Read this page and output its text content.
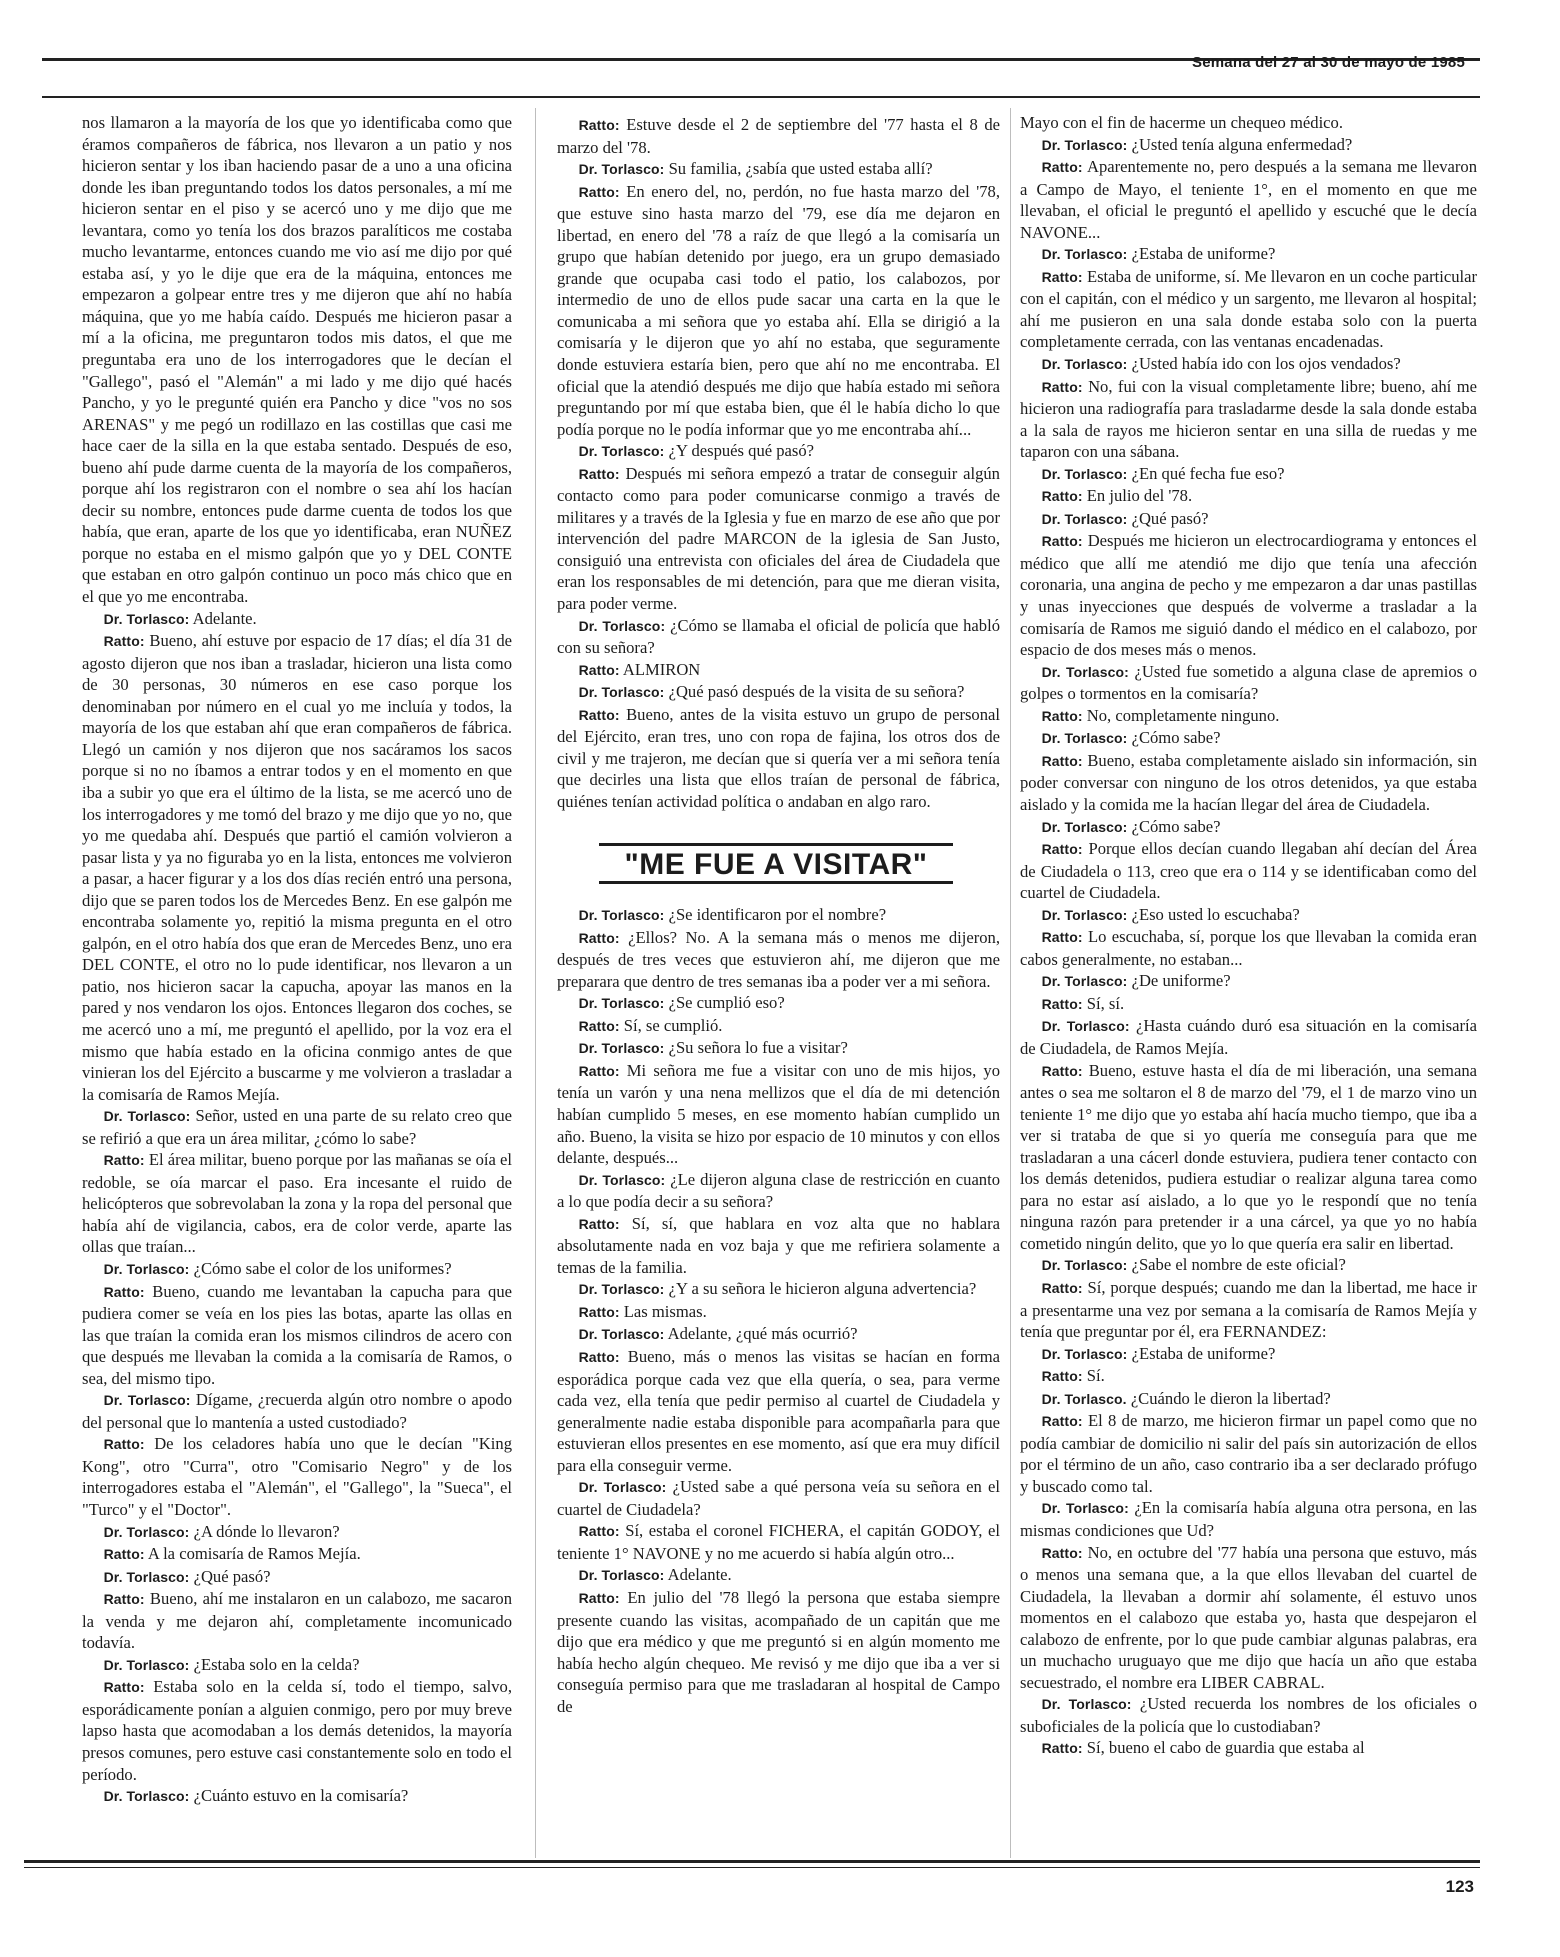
Semana del 27 al 30 de mayo de 1985

nos llamaron a la mayoría de los que yo identificaba como que éramos compañeros de fábrica, nos llevaron a un patio y nos hicieron sentar y los iban haciendo pasar de a uno a una oficina donde les iban preguntando todos los datos personales, a mí me hicieron sentar en el piso y se acercó uno y me dijo que me levantara, como yo tenía los dos brazos paralíticos me costaba mucho levantarme, entonces cuando me vio así me dijo por qué estaba así, y yo le dije que era de la máquina, entonces me empezaron a golpear entre tres y me dijeron que ahí no había máquina, que yo me había caído. Después me hicieron pasar a mí a la oficina, me preguntaron todos mis datos, el que me preguntaba era uno de los interrogadores que le decían el "Gallego", pasó el "Alemán" a mi lado y me dijo qué hacés Pancho, y yo le pregunté quién era Pancho y dice "vos no sos ARENAS" y me pegó un rodillazo en las costillas que casi me hace caer de la silla en la que estaba sentado. Después de eso, bueno ahí pude darme cuenta de la mayoría de los compañeros, porque ahí los registraron con el nombre o sea ahí los hacían decir su nombre, entonces pude darme cuenta de todos los que había, que eran, aparte de los que yo identificaba, eran NUÑEZ porque no estaba en el mismo galpón que yo y DEL CONTE que estaban en otro galpón continuo un poco más chico que en el que yo me encontraba.

Dr. Torlasco: Adelante.

Ratto: Bueno, ahí estuve por espacio de 17 días; el día 31 de agosto dijeron que nos iban a trasladar, hicieron una lista como de 30 personas, 30 números en ese caso porque los denominaban por número en el cual yo me incluía y todos, la mayoría de los que estaban ahí que eran compañeros de fábrica. Llegó un camión y nos dijeron que nos sacáramos los sacos porque si no no íbamos a entrar todos y en el momento en que iba a subir yo que era el último de la lista, se me acercó uno de los interrogadores y me tomó del brazo y me dijo que yo no, que yo me quedaba ahí. Después que partió el camión volvieron a pasar lista y ya no figuraba yo en la lista, entonces me volvieron a pasar, a hacer figurar y a los dos días recién entró una persona, dijo que se paren todos los de Mercedes Benz. En ese galpón me encontraba solamente yo, repitió la misma pregunta en el otro galpón, en el otro había dos que eran de Mercedes Benz, uno era DEL CONTE, el otro no lo pude identificar, nos llevaron a un patio, nos hicieron sacar la capucha, apoyar las manos en la pared y nos vendaron los ojos. Entonces llegaron dos coches, se me acercó uno a mí, me preguntó el apellido, por la voz era el mismo que había estado en la oficina conmigo antes de que vinieran los del Ejército a buscarme y me volvieron a trasladar a la comisaría de Ramos Mejía.

Dr. Torlasco: Señor, usted en una parte de su relato creo que se refirió a que era un área militar, ¿cómo lo sabe?

Ratto: El área militar, bueno porque por las mañanas se oía el redoble, se oía marcar el paso. Era incesante el ruido de helicópteros que sobrevolaban la zona y la ropa del personal que había ahí de vigilancia, cabos, era de color verde, aparte las ollas que traían...

Dr. Torlasco: ¿Cómo sabe el color de los uniformes?

Ratto: Bueno, cuando me levantaban la capucha para que pudiera comer se veía en los pies las botas, aparte las ollas en las que traían la comida eran los mismos cilindros de acero con que después me llevaban la comida a la comisaría de Ramos, o sea, del mismo tipo.

Dr. Torlasco: Dígame, ¿recuerda algún otro nombre o apodo del personal que lo mantenía a usted custodiado?

Ratto: De los celadores había uno que le decían "King Kong", otro "Curra", otro "Comisario Negro" y de los interrogadores estaba el "Alemán", el "Gallego", la "Sueca", el "Turco" y el "Doctor".

Dr. Torlasco: ¿A dónde lo llevaron?

Ratto: A la comisaría de Ramos Mejía.

Dr. Torlasco: ¿Qué pasó?

Ratto: Bueno, ahí me instalaron en un calabozo, me sacaron la venda y me dejaron ahí, completamente incomunicado todavía.

Dr. Torlasco: ¿Estaba solo en la celda?

Ratto: Estaba solo en la celda sí, todo el tiempo, salvo, esporádicamente ponían a alguien conmigo, pero por muy breve lapso hasta que acomodaban a los demás detenidos, la mayoría presos comunes, pero estuve casi constantemente solo en todo el período.

Dr. Torlasco: ¿Cuánto estuvo en la comisaría?

Ratto: Estuve desde el 2 de septiembre del '77 hasta el 8 de marzo del '78.

Dr. Torlasco: Su familia, ¿sabía que usted estaba allí?

Ratto: En enero del, no, perdón, no fue hasta marzo del '78, que estuve sino hasta marzo del '79, ese día me dejaron en libertad, en enero del '78 a raíz de que llegó a la comisaría un grupo que habían detenido por juego, era un grupo demasiado grande que ocupaba casi todo el patio, los calabozos, por intermedio de uno de ellos pude sacar una carta en la que le comunicaba a mi señora que yo estaba ahí. Ella se dirigió a la comisaría y le dijeron que yo ahí no estaba, que seguramente donde estuviera estaría bien, pero que ahí no me encontraba. El oficial que la atendió después me dijo que había estado mi señora preguntando por mí que estaba bien, que él le había dicho lo que podía porque no le podía informar que yo me encontraba ahí...

Dr. Torlasco: ¿Y después qué pasó?

Ratto: Después mi señora empezó a tratar de conseguir algún contacto como para poder comunicarse conmigo a través de militares y a través de la Iglesia y fue en marzo de ese año que por intervención del padre MARCON de la iglesia de San Justo, consiguió una entrevista con oficiales del área de Ciudadela que eran los responsables de mi detención, para que me dieran visita, para poder verme.

Dr. Torlasco: ¿Cómo se llamaba el oficial de policía que habló con su señora?

Ratto: ALMIRON

Dr. Torlasco: ¿Qué pasó después de la visita de su señora?

Ratto: Bueno, antes de la visita estuvo un grupo de personal del Ejército, eran tres, uno con ropa de fajina, los otros dos de civil y me trajeron, me decían que si quería ver a mi señora tenía que decirles una lista que ellos traían de personal de fábrica, quiénes tenían actividad política o andaban en algo raro.

"ME FUE A VISITAR"

Dr. Torlasco: ¿Se identificaron por el nombre?

Ratto: ¿Ellos? No. A la semana más o menos me dijeron, después de tres veces que estuvieron ahí, me dijeron que me preparara que dentro de tres semanas iba a poder ver a mi señora.

Dr. Torlasco: ¿Se cumplió eso?

Ratto: Sí, se cumplió.

Dr. Torlasco: ¿Su señora lo fue a visitar?

Ratto: Mi señora me fue a visitar con uno de mis hijos, yo tenía un varón y una nena mellizos que el día de mi detención habían cumplido 5 meses, en ese momento habían cumplido un año. Bueno, la visita se hizo por espacio de 10 minutos y con ellos delante, después...

Dr. Torlasco: ¿Le dijeron alguna clase de restricción en cuanto a lo que podía decir a su señora?

Ratto: Sí, sí, que hablara en voz alta que no hablara absolutamente nada en voz baja y que me refiriera solamente a temas de la familia.

Dr. Torlasco: ¿Y a su señora le hicieron alguna advertencia?

Ratto: Las mismas.

Dr. Torlasco: Adelante, ¿qué más ocurrió?

Ratto: Bueno, más o menos las visitas se hacían en forma esporádica porque cada vez que ella quería, o sea, para verme cada vez, ella tenía que pedir permiso al cuartel de Ciudadela y generalmente nadie estaba disponible para acompañarla para que estuvieran ellos presentes en ese momento, así que era muy difícil para ella conseguir verme.

Dr. Torlasco: ¿Usted sabe a qué persona veía su señora en el cuartel de Ciudadela?

Ratto: Sí, estaba el coronel FICHERA, el capitán GODOY, el teniente 1° NAVONE y no me acuerdo si había algún otro...

Dr. Torlasco: Adelante.

Ratto: En julio del '78 llegó la persona que estaba siempre presente cuando las visitas, acompañado de un capitán que me dijo que era médico y que me preguntó si en algún momento me había hecho algún chequeo. Me revisó y me dijo que iba a ver si conseguía permiso para que me trasladaran al hospital de Campo de

Mayo con el fin de hacerme un chequeo médico.

Dr. Torlasco: ¿Usted tenía alguna enfermedad?

Ratto: Aparentemente no, pero después a la semana me llevaron a Campo de Mayo, el teniente 1°, en el momento en que me llevaban, el oficial le preguntó el apellido y escuché que le decía NAVONE...

Dr. Torlasco: ¿Estaba de uniforme?

Ratto: Estaba de uniforme, sí. Me llevaron en un coche particular con el capitán, con el médico y un sargento, me llevaron al hospital; ahí me pusieron en una sala donde estaba solo con la puerta completamente cerrada, con las ventanas encadenadas.

Dr. Torlasco: ¿Usted había ido con los ojos vendados?

Ratto: No, fui con la visual completamente libre; bueno, ahí me hicieron una radiografía para trasladarme desde la sala donde estaba a la sala de rayos me hicieron sentar en una silla de ruedas y me taparon con una sábana.

Dr. Torlasco: ¿En qué fecha fue eso?

Ratto: En julio del '78.

Dr. Torlasco: ¿Qué pasó?

Ratto: Después me hicieron un electrocardiograma y entonces el médico que allí me atendió me dijo que tenía una afección coronaria, una angina de pecho y me empezaron a dar unas pastillas y unas inyecciones que después de volverme a trasladar a la comisaría de Ramos me siguió dando el médico en el calabozo, por espacio de dos meses más o menos.

Dr. Torlasco: ¿Usted fue sometido a alguna clase de apremios o golpes o tormentos en la comisaría?

Ratto: No, completamente ninguno.

Dr. Torlasco: ¿Cómo sabe?

Ratto: Bueno, estaba completamente aislado sin información, sin poder conversar con ninguno de los otros detenidos, ya que estaba aislado y la comida me la hacían llegar del área de Ciudadela.

Dr. Torlasco: ¿Cómo sabe?

Ratto: Porque ellos decían cuando llegaban ahí decían del Área de Ciudadela o 113, creo que era o 114 y se identificaban como del cuartel de Ciudadela.

Dr. Torlasco: ¿Eso usted lo escuchaba?

Ratto: Lo escuchaba, sí, porque los que llevaban la comida eran cabos generalmente, no estaban...

Dr. Torlasco: ¿De uniforme?

Ratto: Sí, sí.

Dr. Torlasco: ¿Hasta cuándo duró esa situación en la comisaría de Ciudadela, de Ramos Mejía.

Ratto: Bueno, estuve hasta el día de mi liberación, una semana antes o sea me soltaron el 8 de marzo del '79, el 1 de marzo vino un teniente 1° me dijo que yo estaba ahí hacía mucho tiempo, que iba a ver si trataba de que si yo quería me conseguía para que me trasladaran a una cácerl donde estuviera, pudiera tener contacto con los demás detenidos, pudiera estudiar o realizar alguna tarea como para no estar así aislado, a lo que yo le respondí que no tenía ninguna razón para pretender ir a una cárcel, ya que yo no había cometido ningún delito, que yo lo que quería era salir en libertad.

Dr. Torlasco: ¿Sabe el nombre de este oficial?

Ratto: Sí, porque después; cuando me dan la libertad, me hace ir a presentarme una vez por semana a la comisaría de Ramos Mejía y tenía que preguntar por él, era FERNANDEZ:

Dr. Torlasco: ¿Estaba de uniforme?

Ratto: Sí.

Dr. Torlasco. ¿Cuándo le dieron la libertad?

Ratto: El 8 de marzo, me hicieron firmar un papel como que no podía cambiar de domicilio ni salir del país sin autorización de ellos por el término de un año, caso contrario iba a ser declarado prófugo y buscado como tal.

Dr. Torlasco: ¿En la comisaría había alguna otra persona, en las mismas condiciones que Ud?

Ratto: No, en octubre del '77 había una persona que estuvo, más o menos una semana que, a la que ellos llevaban del cuartel de Ciudadela, la llevaban a dormir ahí solamente, él estuvo unos momentos en el calabozo que estaba yo, hasta que despejaron el calabozo de enfrente, por lo que pude cambiar algunas palabras, era un muchacho uruguayo que me dijo que hacía un año que estaba secuestrado, el nombre era LIBER CABRAL.

Dr. Torlasco: ¿Usted recuerda los nombres de los oficiales o suboficiales de la policía que lo custodiaban?

Ratto: Sí, bueno el cabo de guardia que estaba al

123
